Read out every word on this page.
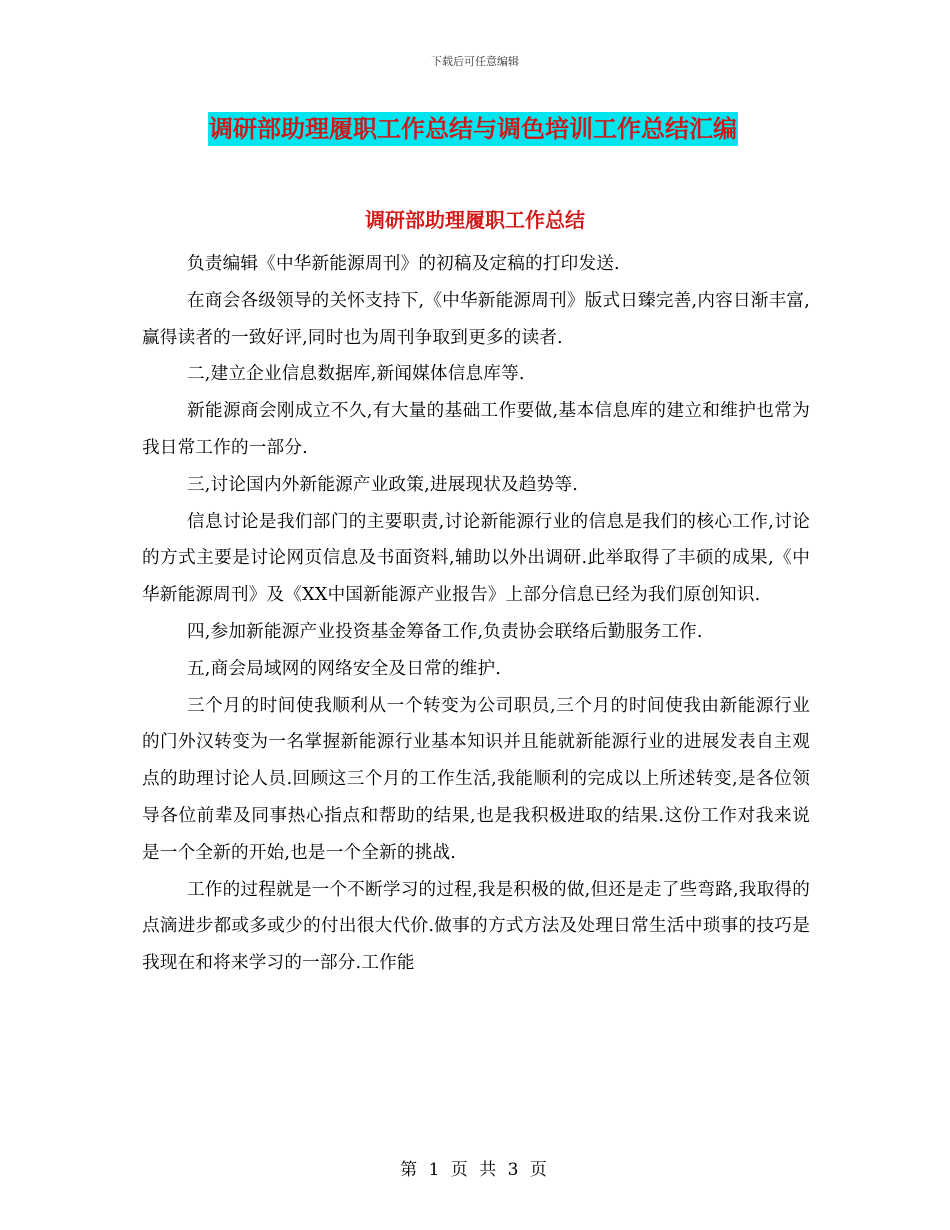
下载后可任意编辑
调研部助理履职工作总结与调色培训工作总结汇编
调研部助理履职工作总结

负责编辑《中华新能源周刊》的初稿及定稿的打印发送.

在商会各级领导的关怀支持下,《中华新能源周刊》版式日臻完善,内容日渐丰富,赢得读者的一致好评,同时也为周刊争取到更多的读者.

二,建立企业信息数据库,新闻媒体信息库等.

新能源商会刚成立不久,有大量的基础工作要做,基本信息库的建立和维护也常为我日常工作的一部分.

三,讨论国内外新能源产业政策,进展现状及趋势等.

信息讨论是我们部门的主要职责,讨论新能源行业的信息是我们的核心工作,讨论的方式主要是讨论网页信息及书面资料,辅助以外出调研.此举取得了丰硕的成果,《中华新能源周刊》及《XX中国新能源产业报告》上部分信息已经为我们原创知识.

四,参加新能源产业投资基金筹备工作,负责协会联络后勤服务工作.

五,商会局域网的网络安全及日常的维护.

三个月的时间使我顺利从一个转变为公司职员,三个月的时间使我由新能源行业的门外汉转变为一名掌握新能源行业基本知识并且能就新能源行业的进展发表自主观点的助理讨论人员.回顾这三个月的工作生活,我能顺利的完成以上所述转变,是各位领导各位前辈及同事热心指点和帮助的结果,也是我积极进取的结果.这份工作对我来说是一个全新的开始,也是一个全新的挑战.

工作的过程就是一个不断学习的过程,我是积极的做,但还是走了些弯路,我取得的点滴进步都或多或少的付出很大代价.做事的方式方法及处理日常生活中琐事的技巧是我现在和将来学习的一部分.工作能

第 1 页 共 3 页
